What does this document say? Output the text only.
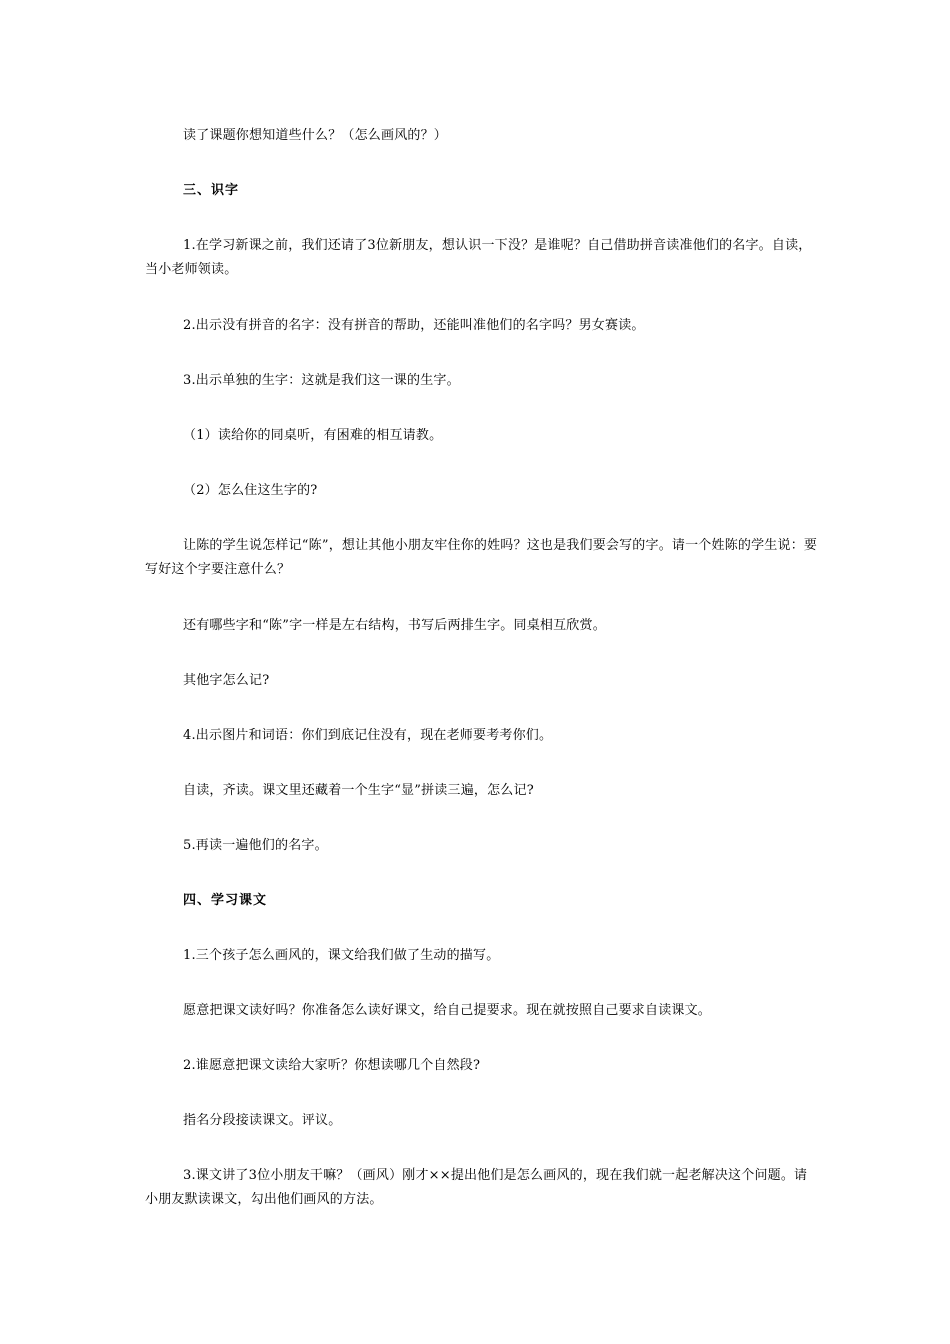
读了课题你想知道些什么？（怎么画风的？）

三、识字

1.在学习新课之前，我们还请了3位新朋友，想认识一下没？是谁呢？自己借助拼音读准他们的名字。自读，当小老师领读。

2.出示没有拼音的名字：没有拼音的帮助，还能叫准他们的名字吗？男女赛读。

3.出示单独的生字：这就是我们这一课的生字。

（1）读给你的同桌听，有困难的相互请教。

（2）怎么住这生字的?

让陈的学生说怎样记“陈”，想让其他小朋友牢住你的姓吗？这也是我们要会写的字。请一个姓陈的学生说：要写好这个字要注意什么？

还有哪些字和“陈”字一样是左右结构，书写后两排生字。同桌相互欣赏。

其他字怎么记?

4.出示图片和词语：你们到底记住没有，现在老师要考考你们。

自读，齐读。课文里还藏着一个生字“显”拼读三遍，怎么记?

5.再读一遍他们的名字。

四、学习课文

1.三个孩子怎么画风的，课文给我们做了生动的描写。

愿意把课文读好吗？你准备怎么读好课文，给自己提要求。现在就按照自己要求自读课文。

2.谁愿意把课文读给大家听？你想读哪几个自然段?

指名分段接读课文。评议。

3.课文讲了3位小朋友干嘛？（画风）刚才××提出他们是怎么画风的，现在我们就一起老解决这个问题。请小朋友默读课文，勾出他们画风的方法。
